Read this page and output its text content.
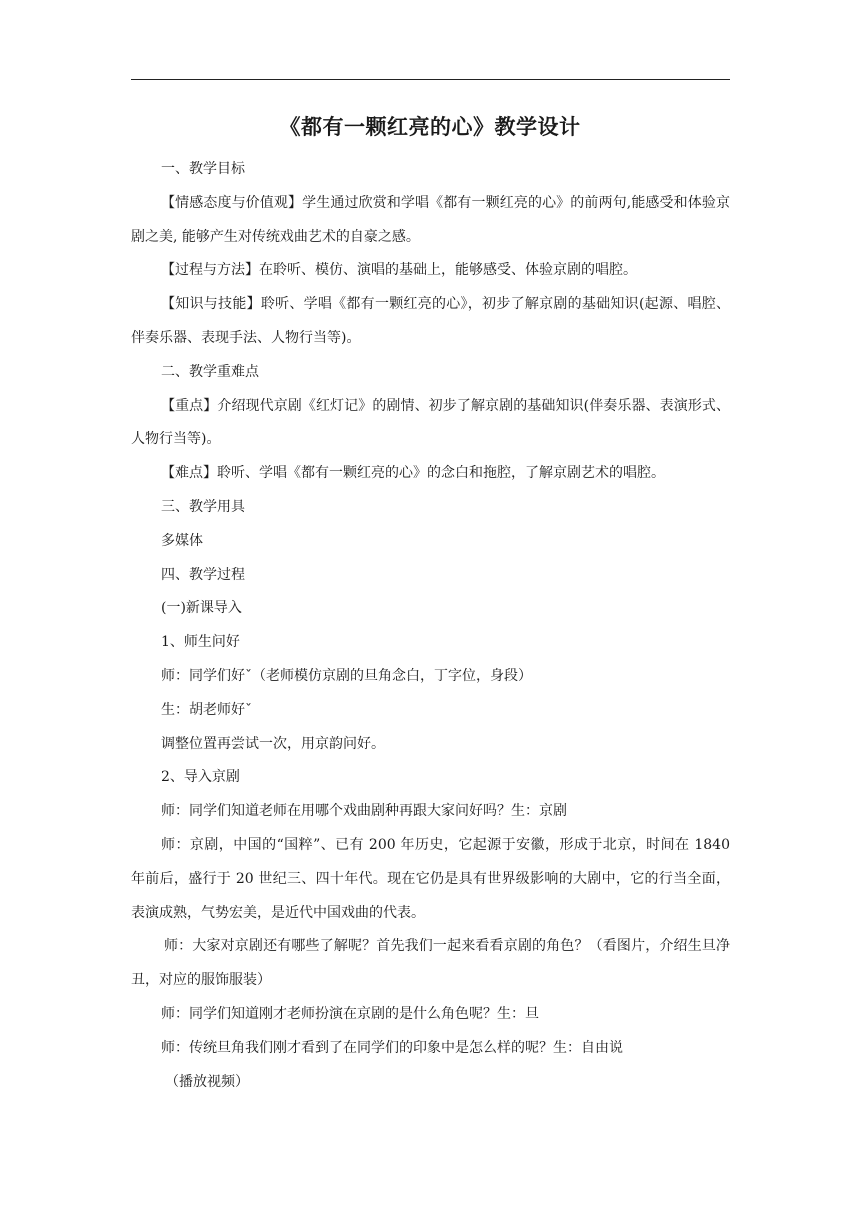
《都有一颗红亮的心》教学设计

一、教学目标

【情感态度与价值观】学生通过欣赏和学唱《都有一颗红亮的心》的前两句,能感受和体验京剧之美, 能够产生对传统戏曲艺术的自豪之感。

【过程与方法】在聆听、模仿、演唱的基础上，能够感受、体验京剧的唱腔。

【知识与技能】聆听、学唱《都有一颗红亮的心》，初步了解京剧的基础知识(起源、唱腔、伴奏乐器、表现手法、人物行当等)。

二、教学重难点

【重点】介绍现代京剧《红灯记》的剧情、初步了解京剧的基础知识(伴奏乐器、表演形式、人物行当等)。

【难点】聆听、学唱《都有一颗红亮的心》的念白和拖腔，了解京剧艺术的唱腔。

三、教学用具

多媒体

四、教学过程

(一)新课导入

1、师生问好

师：同学们好ˇ（老师模仿京剧的旦角念白，丁字位，身段）

生：胡老师好ˇ

调整位置再尝试一次，用京韵问好。

2、导入京剧

师：同学们知道老师在用哪个戏曲剧种再跟大家问好吗？生：京剧

师：京剧，中国的“国粹”、已有 200 年历史，它起源于安徽，形成于北京，时间在 1840 年前后，盛行于 20 世纪三、四十年代。现在它仍是具有世界级影响的大剧中，它的行当全面，表演成熟，气势宏美，是近代中国戏曲的代表。

师：大家对京剧还有哪些了解呢？首先我们一起来看看京剧的角色？（看图片，介绍生旦净丑，对应的服饰服装）

师：同学们知道刚才老师扮演在京剧的是什么角色呢？生：旦

师：传统旦角我们刚才看到了在同学们的印象中是怎么样的呢？生：自由说

（播放视频）
